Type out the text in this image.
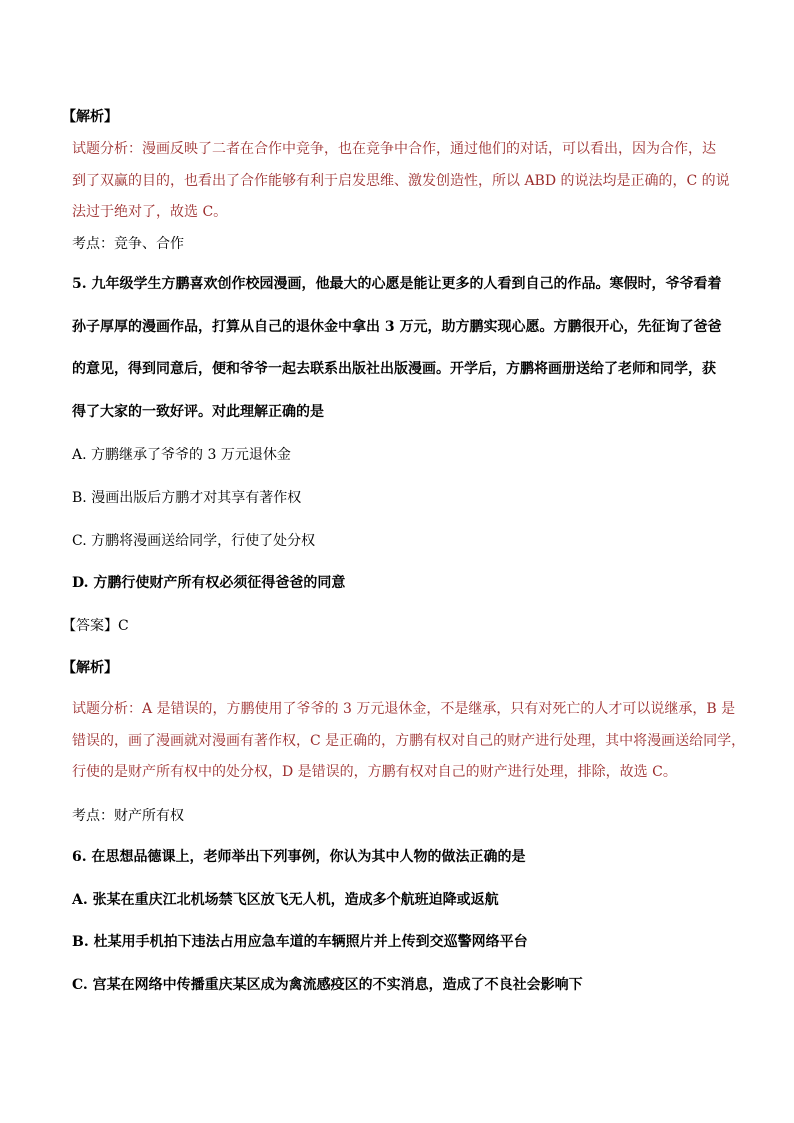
【解析】
试题分析：漫画反映了二者在合作中竞争，也在竞争中合作，通过他们的对话，可以看出，因为合作，达
到了双赢的目的，也看出了合作能够有利于启发思维、激发创造性，所以 ABD 的说法均是正确的，C 的说
法过于绝对了，故选 C。
考点：竞争、合作
5. 九年级学生方鹏喜欢创作校园漫画，他最大的心愿是能让更多的人看到自己的作品。寒假时，爷爷看着
孙子厚厚的漫画作品，打算从自己的退休金中拿出 3 万元，助方鹏实现心愿。方鹏很开心，先征询了爸爸
的意见，得到同意后，便和爷爷一起去联系出版社出版漫画。开学后，方鹏将画册送给了老师和同学，获
得了大家的一致好评。对此理解正确的是
A. 方鹏继承了爷爷的 3 万元退休金
B. 漫画出版后方鹏才对其享有著作权
C. 方鹏将漫画送给同学，行使了处分权
D. 方鹏行使财产所有权必须征得爸爸的同意
【答案】C
【解析】
试题分析：A 是错误的，方鹏使用了爷爷的 3 万元退休金，不是继承，只有对死亡的人才可以说继承，B 是
错误的，画了漫画就对漫画有著作权，C 是正确的，方鹏有权对自己的财产进行处理，其中将漫画送给同学，
行使的是财产所有权中的处分权，D 是错误的，方鹏有权对自己的财产进行处理，排除，故选 C。
考点：财产所有权
6. 在思想品德课上，老师举出下列事例，你认为其中人物的做法正确的是
A. 张某在重庆江北机场禁飞区放飞无人机，造成多个航班迫降或返航
B. 杜某用手机拍下违法占用应急车道的车辆照片并上传到交巡警网络平台
C. 宫某在网络中传播重庆某区成为禽流感疫区的不实消息，造成了不良社会影响下
